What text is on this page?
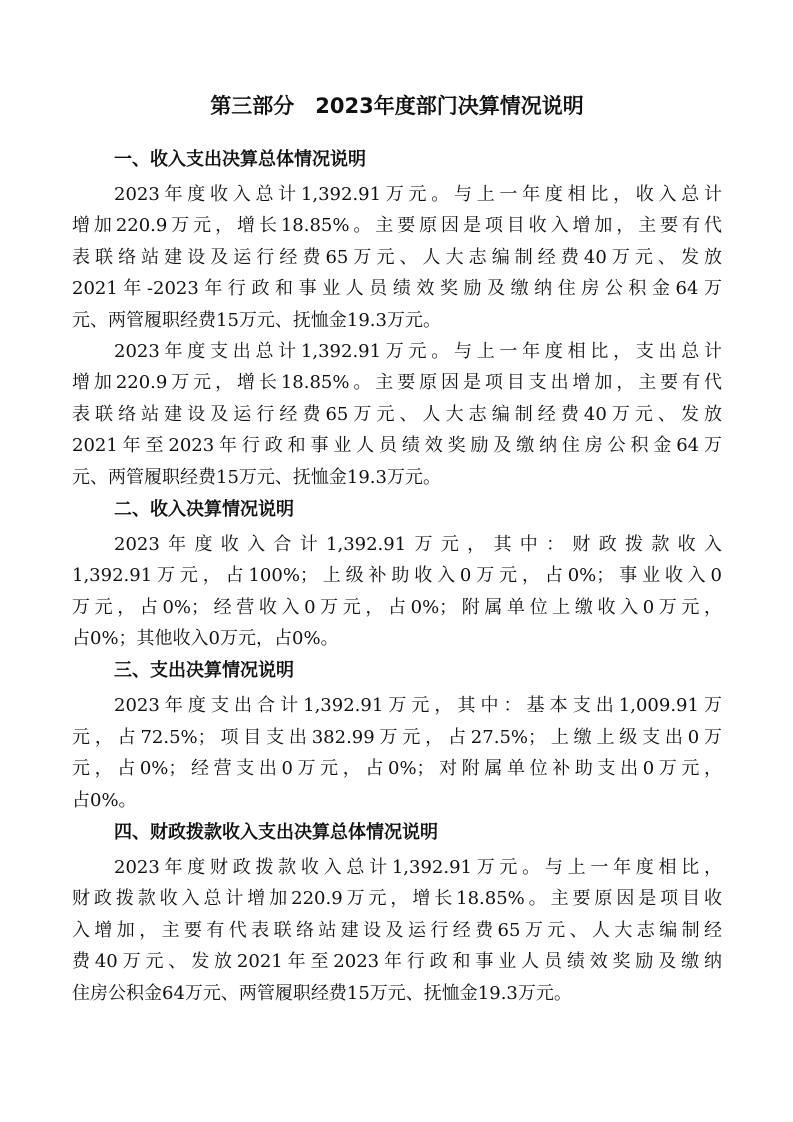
第三部分　2023年度部门决算情况说明
一、收入支出决算总体情况说明
2023年度收入总计1,392.91万元。与上一年度相比，收入总计
增加220.9万元，增长18.85%。主要原因是项目收入增加，主要有代
表联络站建设及运行经费65万元、人大志编制经费40万元、发放
2021年-2023年行政和事业人员绩效奖励及缴纳住房公积金64万
元、两管履职经费15万元、抚恤金19.3万元。
2023年度支出总计1,392.91万元。与上一年度相比，支出总计
增加220.9万元，增长18.85%。主要原因是项目支出增加，主要有代
表联络站建设及运行经费65万元、人大志编制经费40万元、发放
2021年至2023年行政和事业人员绩效奖励及缴纳住房公积金64万
元、两管履职经费15万元、抚恤金19.3万元。
二、收入决算情况说明
2023年度收入合计1,392.91万元，其中：财政拨款收入
1,392.91万元，占100%；上级补助收入0万元，占0%；事业收入0
万元，占0%；经营收入0万元，占0%；附属单位上缴收入0万元，
占0%；其他收入0万元，占0%。
三、支出决算情况说明
2023年度支出合计1,392.91万元，其中：基本支出1,009.91万
元，占72.5%；项目支出382.99万元，占27.5%；上缴上级支出0万
元，占0%；经营支出0万元，占0%；对附属单位补助支出0万元，
占0%。
四、财政拨款收入支出决算总体情况说明
2023年度财政拨款收入总计1,392.91万元。与上一年度相比，
财政拨款收入总计增加220.9万元，增长18.85%。主要原因是项目收
入增加，主要有代表联络站建设及运行经费65万元、人大志编制经
费40万元、发放2021年至2023年行政和事业人员绩效奖励及缴纳
住房公积金64万元、两管履职经费15万元、抚恤金19.3万元。
